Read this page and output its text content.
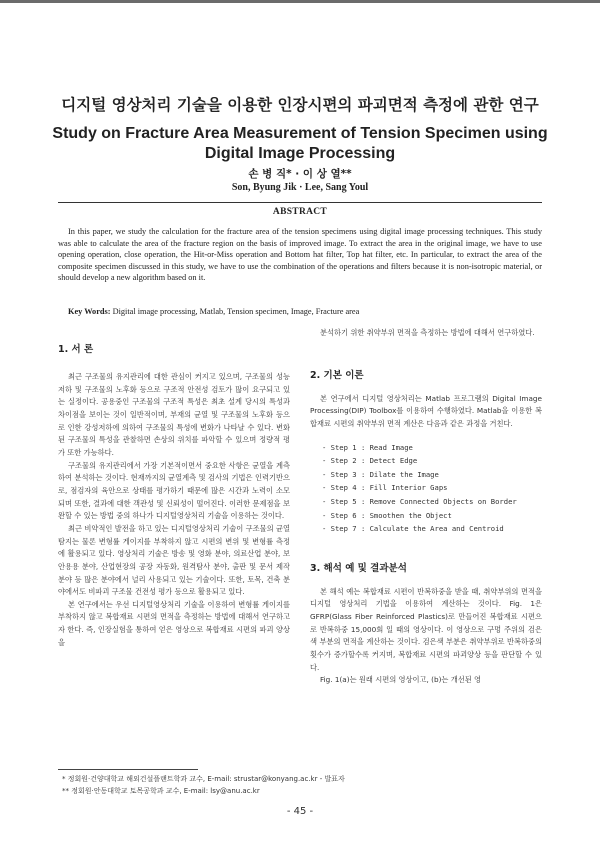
디지털 영상처리 기술을 이용한 인장시편의 파괴면적 측정에 관한 연구
Study on Fracture Area Measurement of Tension Specimen using Digital Image Processing
손 병 직* · 이 상 열**
Son, Byung Jik · Lee, Sang Youl
ABSTRACT

In this paper, we study the calculation for the fracture area of the tension specimens using digital image processing techniques. This study was able to calculate the area of the fracture region on the basis of improved image. To extract the area in the original image, we have to use opening operation, close operation, the Hit-or-Miss operation and Bottom hat filter, Top hat filter, etc. In particular, to extract the area of the composite specimen discussed in this study, we have to use the combination of the operations and filters because it is non-isotropic material, or should develop a new algorithm based on it.

Key Words: Digital image processing, Matlab, Tension specimen, Image, Fracture area
1. 서 론

최근 구조물의 유지관리에 대한 관심이 커지고 있으며, 구조물의 성능저하 및 구조물의 노후화 등으로 구조적 안전성 검토가 많이 요구되고 있는 실정이다. 공용중인 구조물의 구조적 특성은 최초 설계 당시의 특성과 차이점을 보이는 것이 일반적이며, 부재의 균열 및 구조물의 노후화 등으로 인한 강성저하에 의하여 구조물의 특성에 변화가 나타날 수 있다. 변화된 구조물의 특성을 관찰하면 손상의 위치를 파악할 수 있으며 정량적 평가 또한 가능하다.

구조물의 유지관리에서 가장 기본적이면서 중요한 사항은 균열을 계측하여 분석하는 것이다. 현재까지의 균열계측 및 검사의 기법은 인력기반으로, 점검자의 육안으로 상태를 평가하기 때문에 많은 시간과 노력이 소모되며 또한, 결과에 대한 객관성 및 신뢰성이 떨어진다. 이러한 문제점을 보완할 수 있는 방법 중의 하나가 디지털영상처리 기술을 이용하는 것이다.

최근 비약적인 발전을 하고 있는 디지털영상처리 기술이 구조물의 균열탐지는 물론 변형률 게이지를 부착하지 않고 시편의 변위 및 변형률 측정에 활용되고 있다. 영상처리 기술은 방송 및 영화 분야, 의료산업 분야, 보안용용 분야, 산업현장의 공장 자동화, 원격탐사 분야, 출판 및 문서 제작 분야 등 많은 분야에서 널리 사용되고 있는 기술이다. 또한, 토목, 건축 분야에서도 비파괴 구조물 건전성 평가 등으로 활용되고 있다.

본 연구에서는 우선 디지털영상처리 기술을 이용하여 변형률 게이지를 부착하지 않고 복합재료 시편의 면적을 측정하는 방법에 대해서 연구하고자 한다. 즉, 인장실험을 통하여 얻은 영상으로 복합재료 시편의 파괴 양상을

분석하기 위한 취약부위 면적을 측정하는 방법에 대해서 연구하였다.

2. 기본 이론

본 연구에서 디지털 영상처리는 Matlab 프로그램의 Digital Image Processing(DIP) Toolbox를 이용하여 수행하였다. Matlab을 이용한 복합재료 시편의 취약부위 면적 계산은 다음과 같은 과정을 거친다.

- Step 1 : Read Image
- Step 2 : Detect Edge
- Step 3 : Dilate the Image
- Step 4 : Fill Interior Gaps
- Step 5 : Remove Connected Objects on Border
- Step 6 : Smoothen the Object
- Step 7 : Calculate the Area and Centroid
3. 해석 예 및 결과분석

본 해석 예는 복합재료 시편이 반복하중을 받을 때, 취약부위의 면적을 디지털 영상처리 기법을 이용하여 계산하는 것이다. Fig. 1은 GFRP(Glass Fiber Reinforced Plastics)로 만들어진 복합재료 시편으로 반복하중 15,000회 일 때의 영상이다. 이 영상으로 구멍 주위의 검은색 부분의 면적을 계산하는 것이다. 검은색 부분은 취약부위로 반복하중의 횟수가 증가할수록 커지며, 복합재료 시편의 파괴양상 등을 판단할 수 있다.

Fig. 1(a)는 원래 시편의 영상이고, (b)는 개선된 영

* 정회원·건양대학교 해외건설플랜트학과 교수, E-mail: strustar@konyang.ac.kr - 발표자
** 정회원·안동대학교 토목공학과 교수, E-mail: lsy@anu.ac.kr
- 45 -
